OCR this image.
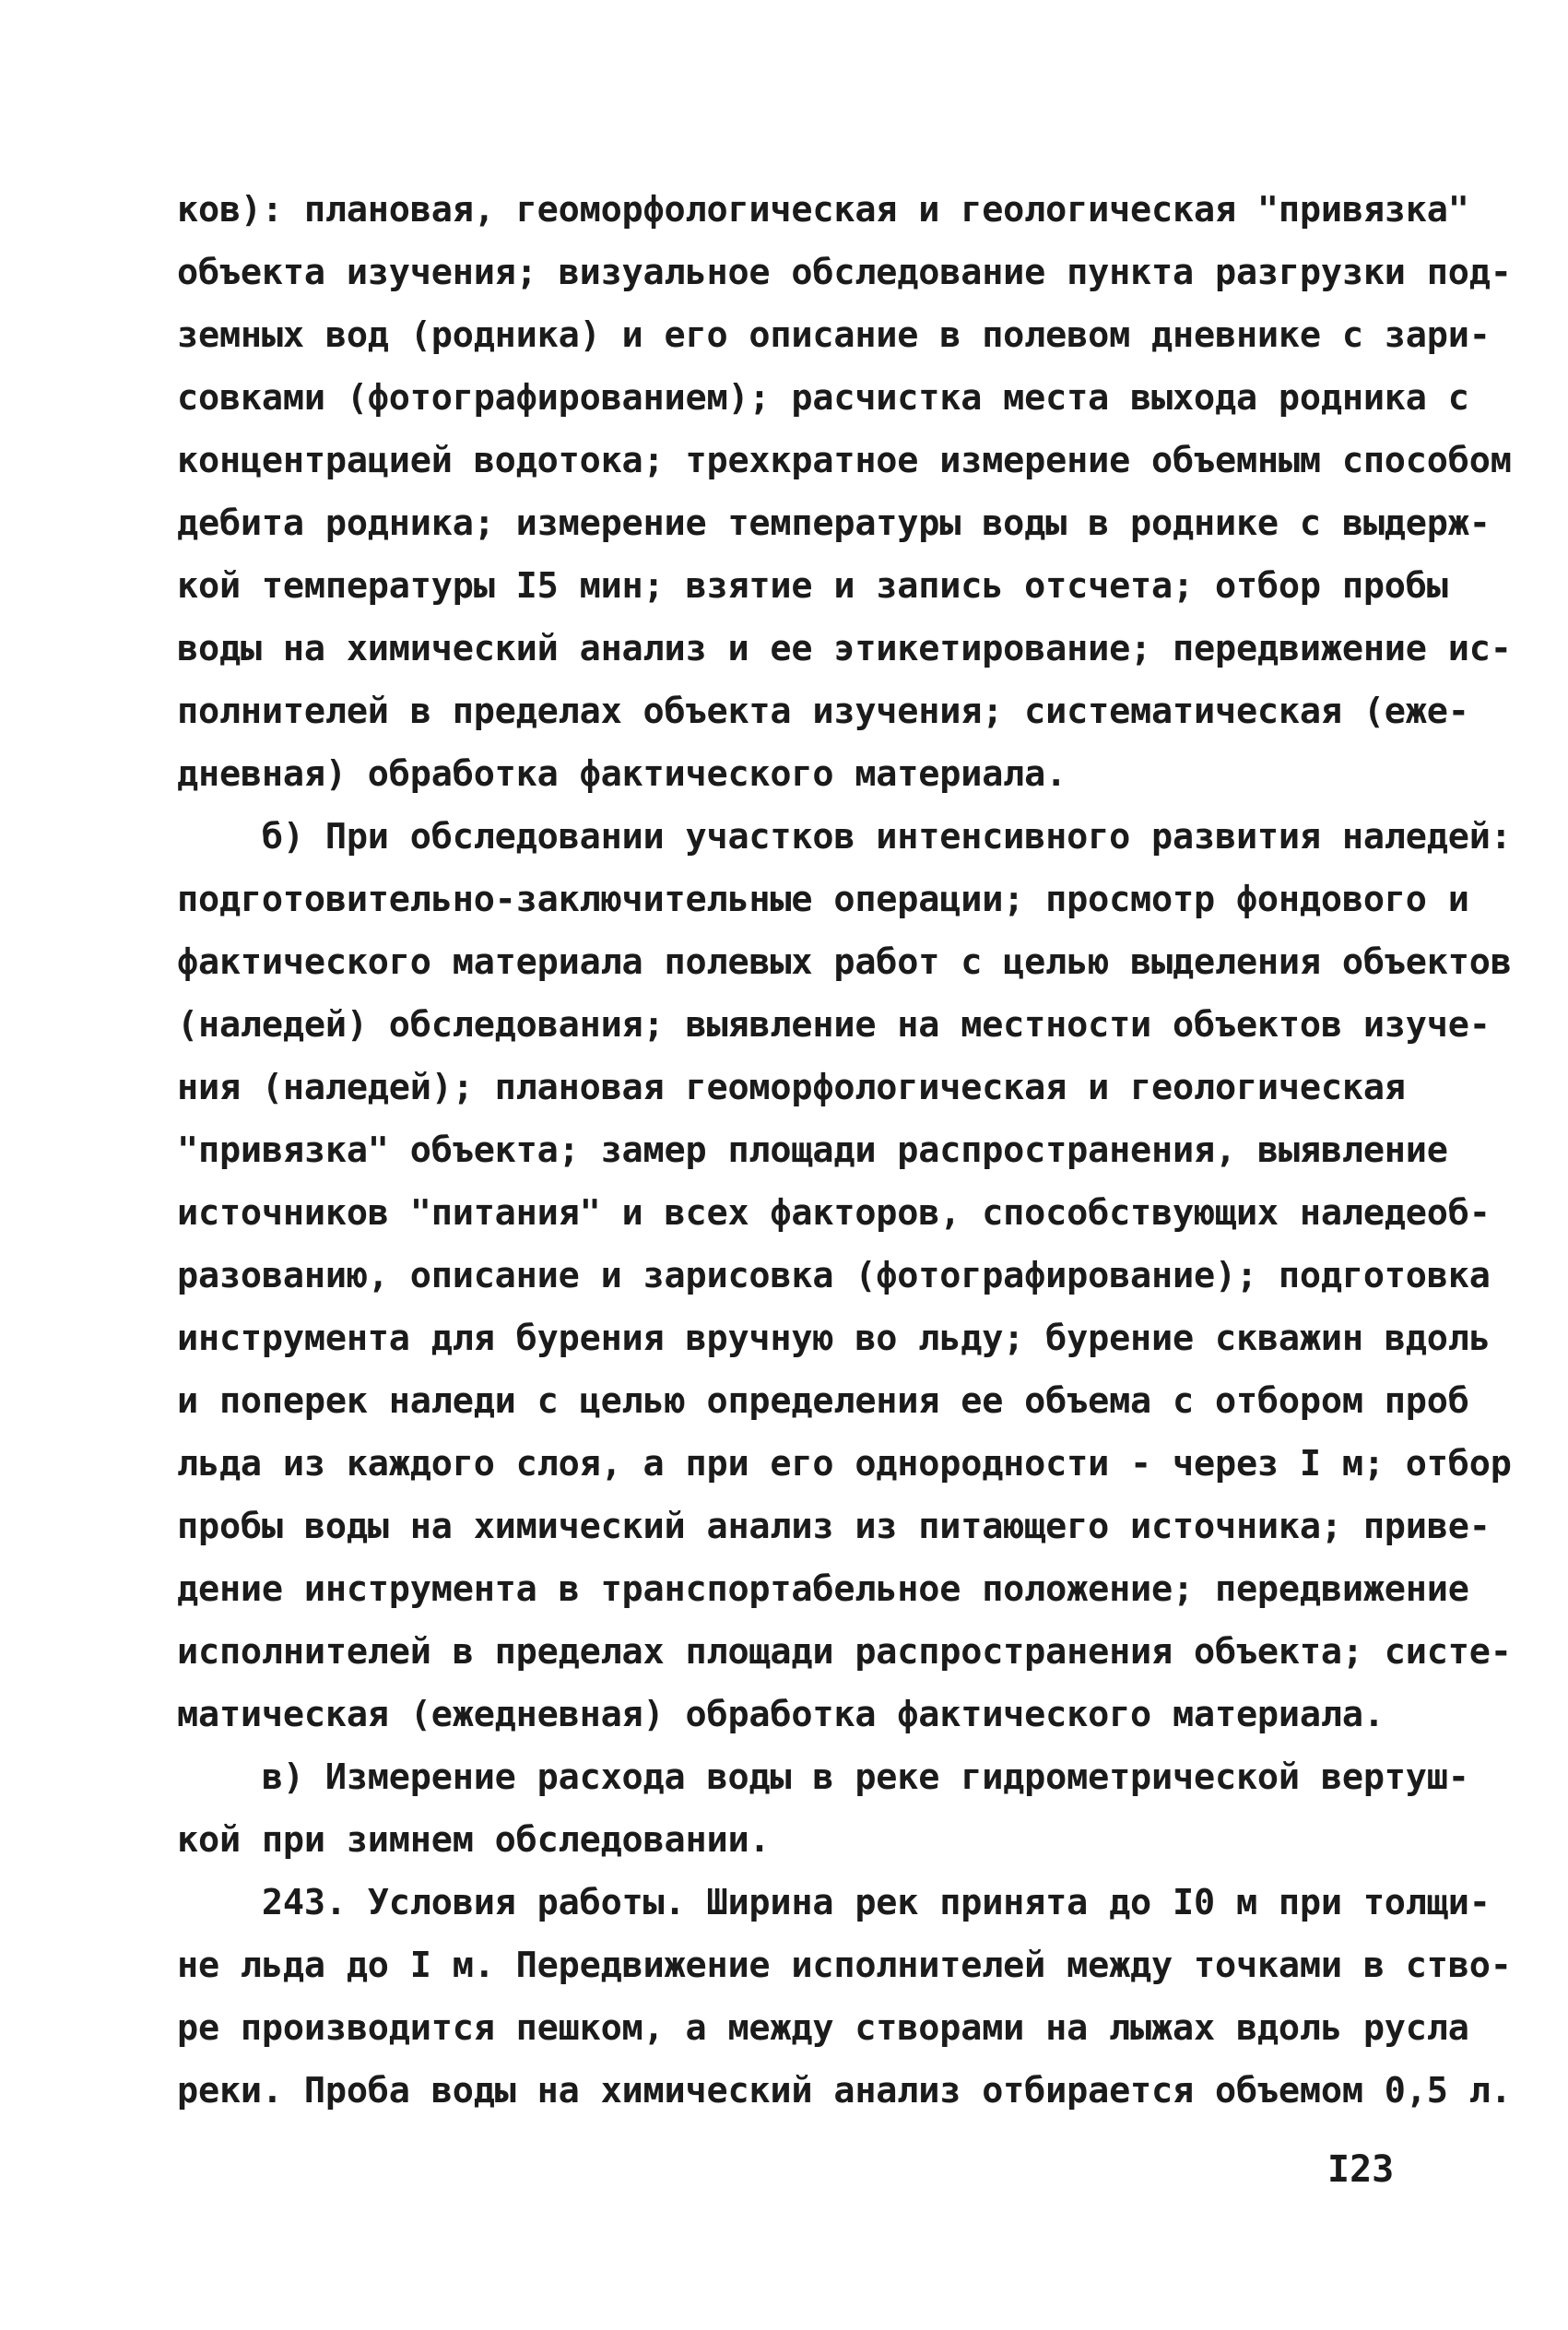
ков): плановая, геоморфологическая и геологическая "привязка"
объекта изучения; визуальное обследование пункта разгрузки под-
земных вод (родника) и его описание в полевом дневнике с зари-
совками (фотографированием); расчистка места выхода родника с
концентрацией водотока; трехкратное измерение объемным способом
дебита родника; измерение температуры воды в роднике с выдерж-
кой температуры I5 мин; взятие и запись отсчета; отбор пробы
воды на химический анализ и ее этикетирование; передвижение ис-
полнителей в пределах объекта изучения; систематическая (еже-
дневная) обработка фактического материала.
б) При обследовании участков интенсивного развития наледей:
подготовительно-заключительные операции; просмотр фондового и
фактического материала полевых работ с целью выделения объектов
(наледей) обследования; выявление на местности объектов изуче-
ния (наледей); плановая геоморфологическая и геологическая
"привязка" объекта; замер площади распространения, выявление
источников "питания" и всех факторов, способствующих наледеоб-
разованию, описание и зарисовка (фотографирование); подготовка
инструмента для бурения вручную во льду; бурение скважин вдоль
и поперек наледи с целью определения ее объема с отбором проб
льда из каждого слоя, а при его однородности - через I м; отбор
пробы воды на химический анализ из питающего источника; приве-
дение инструмента в транспортабельное положение; передвижение
исполнителей в пределах площади распространения объекта; систе-
матическая (ежедневная) обработка фактического материала.
в) Измерение расхода воды в реке гидрометрической вертуш-
кой при зимнем обследовании.
243. Условия работы. Ширина рек принята до I0 м при толщи-
не льда до I м. Передвижение исполнителей между точками в ство-
ре производится пешком, а между створами на лыжах вдоль русла
реки. Проба воды на химический анализ отбирается объемом 0,5 л.
I23
